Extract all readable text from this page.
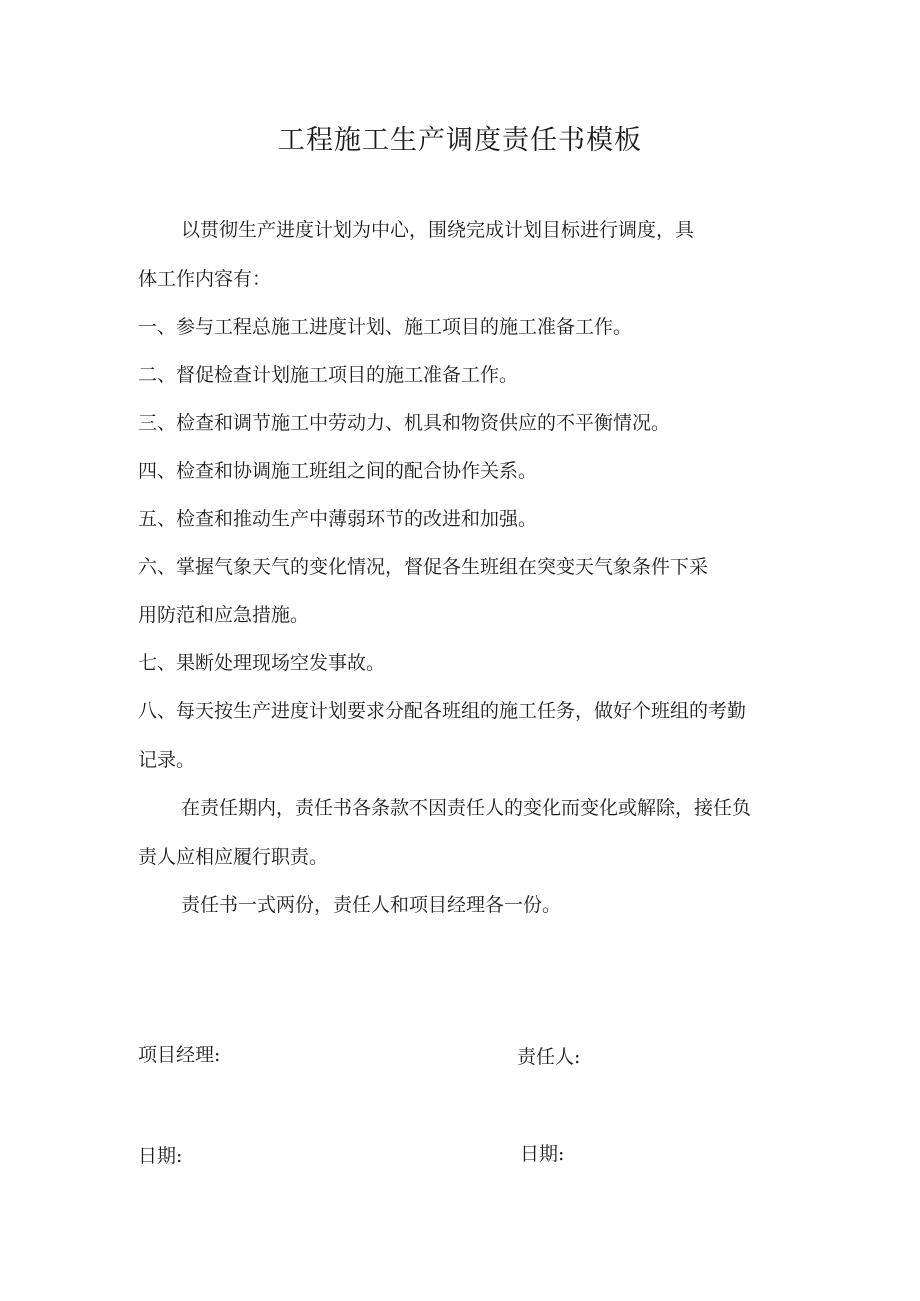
工程施工生产调度责任书模板
以贯彻生产进度计划为中心，围绕完成计划目标进行调度，具
体工作内容有：
一、参与工程总施工进度计划、施工项目的施工准备工作。
二、督促检查计划施工项目的施工准备工作。
三、检查和调节施工中劳动力、机具和物资供应的不平衡情况。
四、检查和协调施工班组之间的配合协作关系。
五、检查和推动生产中薄弱环节的改进和加强。
六、掌握气象天气的变化情况，督促各生班组在突变天气象条件下采
用防范和应急措施。
七、果断处理现场空发事故。
八、每天按生产进度计划要求分配各班组的施工任务，做好个班组的考勤
记录。
在责任期内，责任书各条款不因责任人的变化而变化或解除，接任负
责人应相应履行职责。
责任书一式两份，责任人和项目经理各一份。
项目经理:	责任人:
日期:	日期:
